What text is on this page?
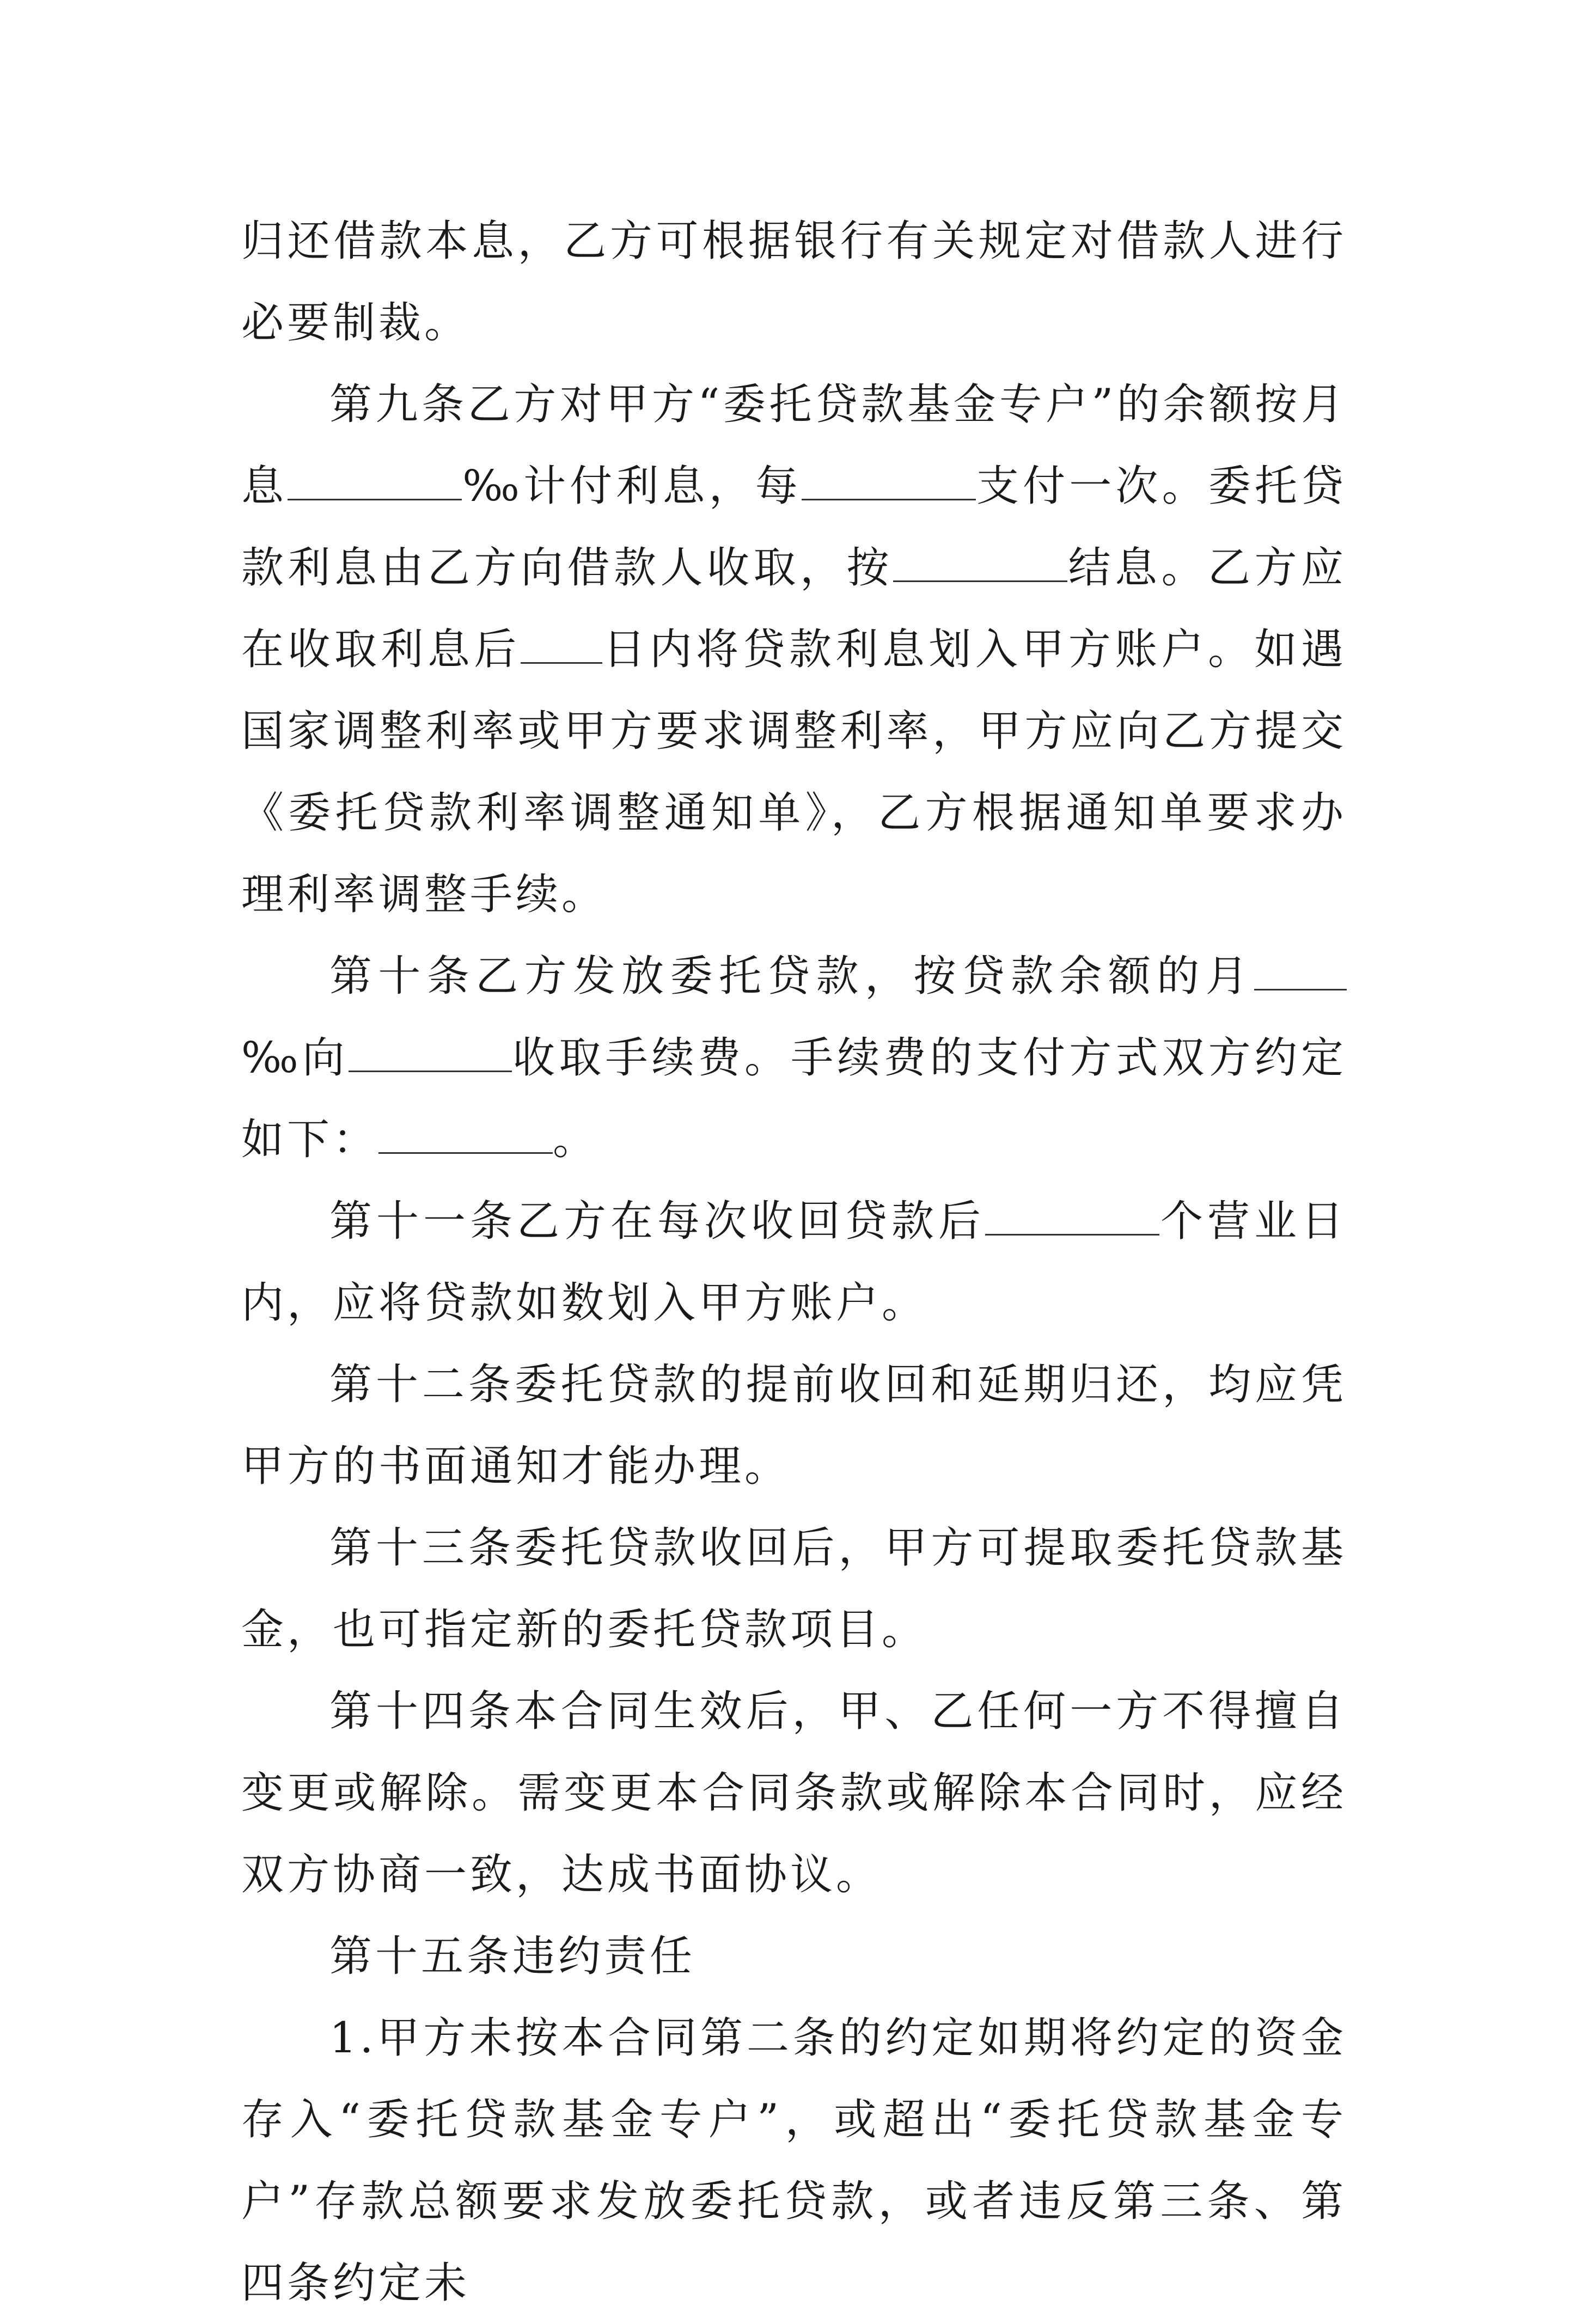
归还借款本息，乙方可根据银行有关规定对借款人进行必要制裁。

第九条乙方对甲方“委托贷款基金专户”的余额按月息	‰计付利息，每	支付一次。委托贷款利息由乙方向借款人收取，按	结息。乙方应在收取利息后 日内将贷款利息划入甲方账户。如遇国家调整利率或甲方要求调整利率，甲方应向乙方提交《委托贷款利率调整通知单》，乙方根据通知单要求办理利率调整手续。

第十条乙方发放委托贷款，按贷款余额的月‰向	收取手续费。手续费的支付方式双方约定如下：	。

第十一条乙方在每次收回贷款后	个营业日内，应将贷款如数划入甲方账户。

第十二条委托贷款的提前收回和延期归还，均应凭甲方的书面通知才能办理。

第十三条委托贷款收回后，甲方可提取委托贷款基金，也可指定新的委托贷款项目。

第十四条本合同生效后，甲、乙任何一方不得擅自变更或解除。需变更本合同条款或解除本合同时，应经双方协商一致，达成书面协议。

第十五条违约责任

1.甲方未按本合同第二条的约定如期将约定的资金存入“委托贷款基金专户”，或超出“委托贷款基金专户”存款总额要求发放委托贷款，或者违反第三条、第四条约定未
